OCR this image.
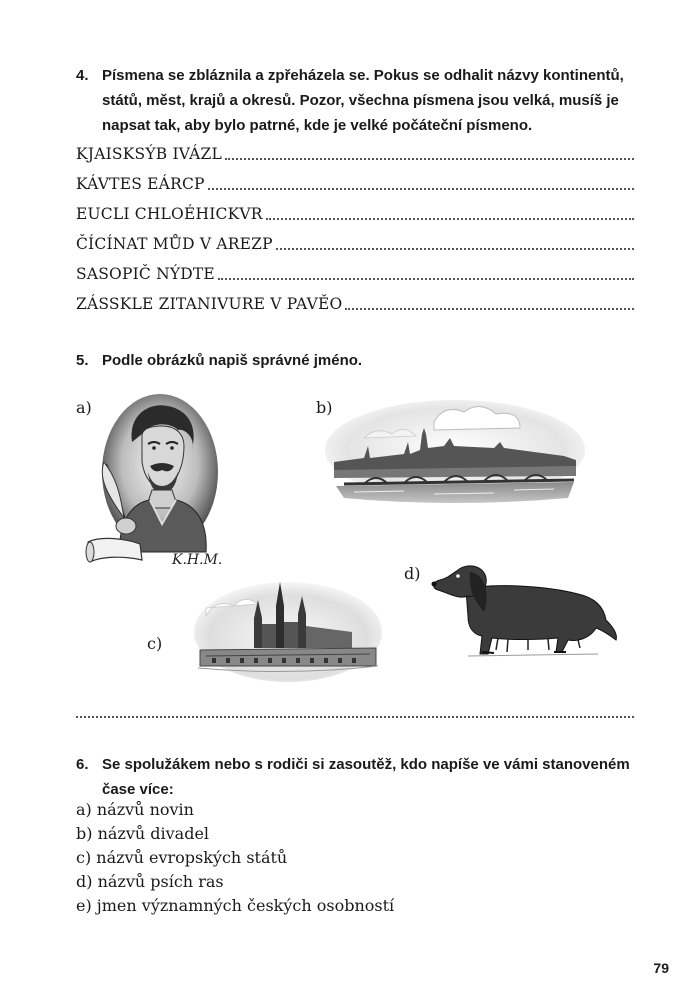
4. Písmena se zbláznila a zpřeházela se. Pokus se odhalit názvy kontinentů, států, měst, krajů a okresů. Pozor, všechna písmena jsou velká, musíš je napsat tak, aby bylo patrné, kde je velké počáteční písmeno.
KJAISKSÝB IVÁZL
KÁVTES EÁRCP
EUCLI CHLOÉHICKVR
ČÍCÍNAT MŮD V AREZP
SASOPIČ NÝDTE
ZÁSSKLE ZITANIVURE V PAVĚO
5. Podle obrázků napiš správné jméno.
a)	b)
c)
d)
K.H.M.
6. Se spolužákem nebo s rodiči si zasoutěž, kdo napíše ve vámi stanoveném čase více:
a) názvů novin
b) názvů divadel
c) názvů evropských států
d) názvů psích ras
e) jmen významných českých osobností
79
